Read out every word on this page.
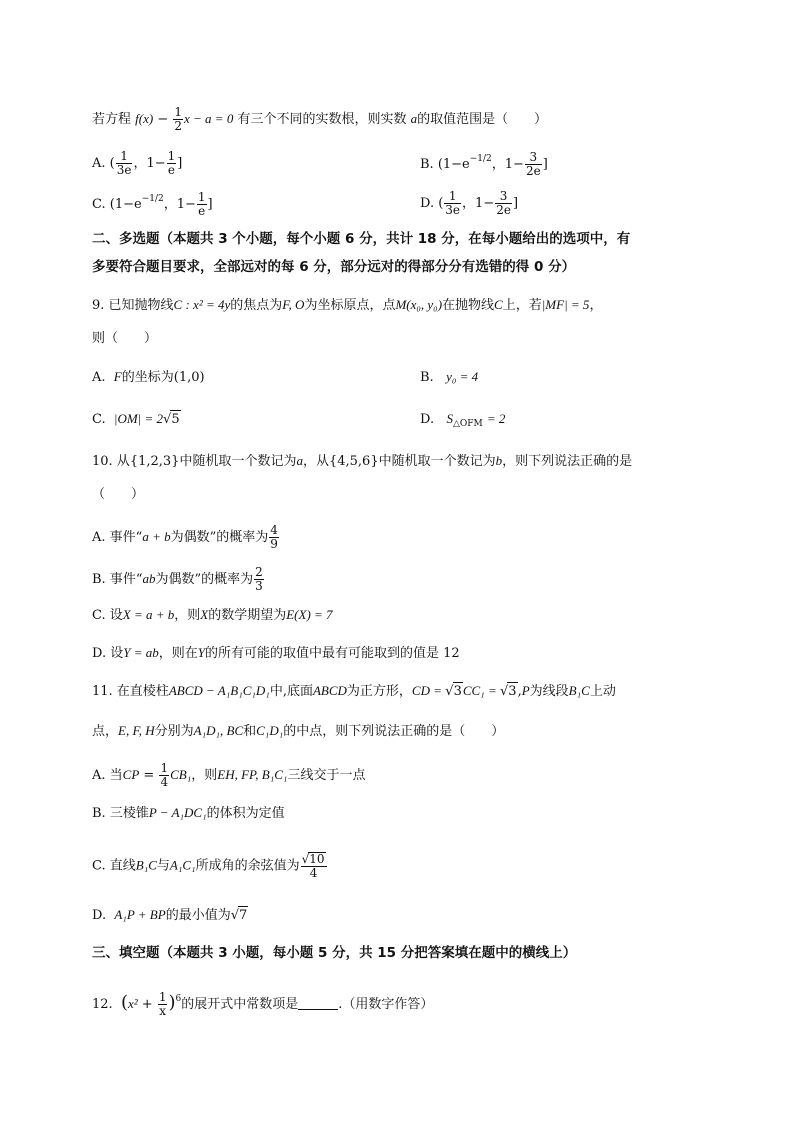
若方程 $f(x) - \frac{1}{2}$ x − a = 0 有三个不同的实数根，则实数 a的取值范围是（　　）
A. ( $\frac{1}{3e}$ ，$1- \frac{1}{e}$ ]	B. ($1-e^{-1/2}$，$1- \frac{3}{2e}$ ]
C. ($1-e^{-1/2}$，$1- \frac{1}{e}$ ]	D. ( $\frac{1}{3e}$ ，$1- \frac{3}{2e}$ ]
二、多选题（本题共 3 个小题，每个小题 6 分，共计 18 分，在每小题给出的选项中，有
多要符合题目要求，全部远对的每 6 分，部分远对的得部分分有选错的得 0 分）
9. 已知抛物线C : x² = 4y的焦点为F, O为坐标原点，点M(x₀, y₀)在抛物线C上，若|MF| = 5，
则（　　）
A. F的坐标为(1,0)	B. y₀ = 4
C. |OM| = 2√5	D. $S_{\triangle OFM} = 2$
10. 从{1,2,3}中随机取一个数记为a，从{4,5,6}中随机取一个数记为b，则下列说法正确的是
（　　）
A. 事件“a + b为偶数”的概率为 $\frac{4}{9}$
B. 事件“ab为偶数”的概率为 $\frac{2}{3}$
C. 设X = a + b，则X的数学期望为E(X) = 7
D. 设Y = ab，则在Y的所有可能的取值中最有可能取到的值是 12
11. 在直棱柱ABCD − A₁B₁C₁D₁中,底面ABCD为正方形，CD = √3CC₁ = √3,P为线段B₁C上动
点，E, F, H分别为A₁D₁, BC和C₁D₁的中点，则下列说法正确的是（　　）
A. 当CP = $\frac{1}{4} CB_1$，则EH, FP, B₁C₁三线交于一点
B. 三棱锥P − A₁DC₁的体积为定值
C. 直线B₁C与A₁C₁所成角的余弦值为 $\frac{√10}{4}$
D. A₁P + BP的最小值为√7
三、填空题（本题共 3 小题，每小题 5 分，共 15 分把答案填在题中的横线上）
12. $(x^2 + \frac{1}{x} )^6$的展开式中常数项是	.（用数字作答）
